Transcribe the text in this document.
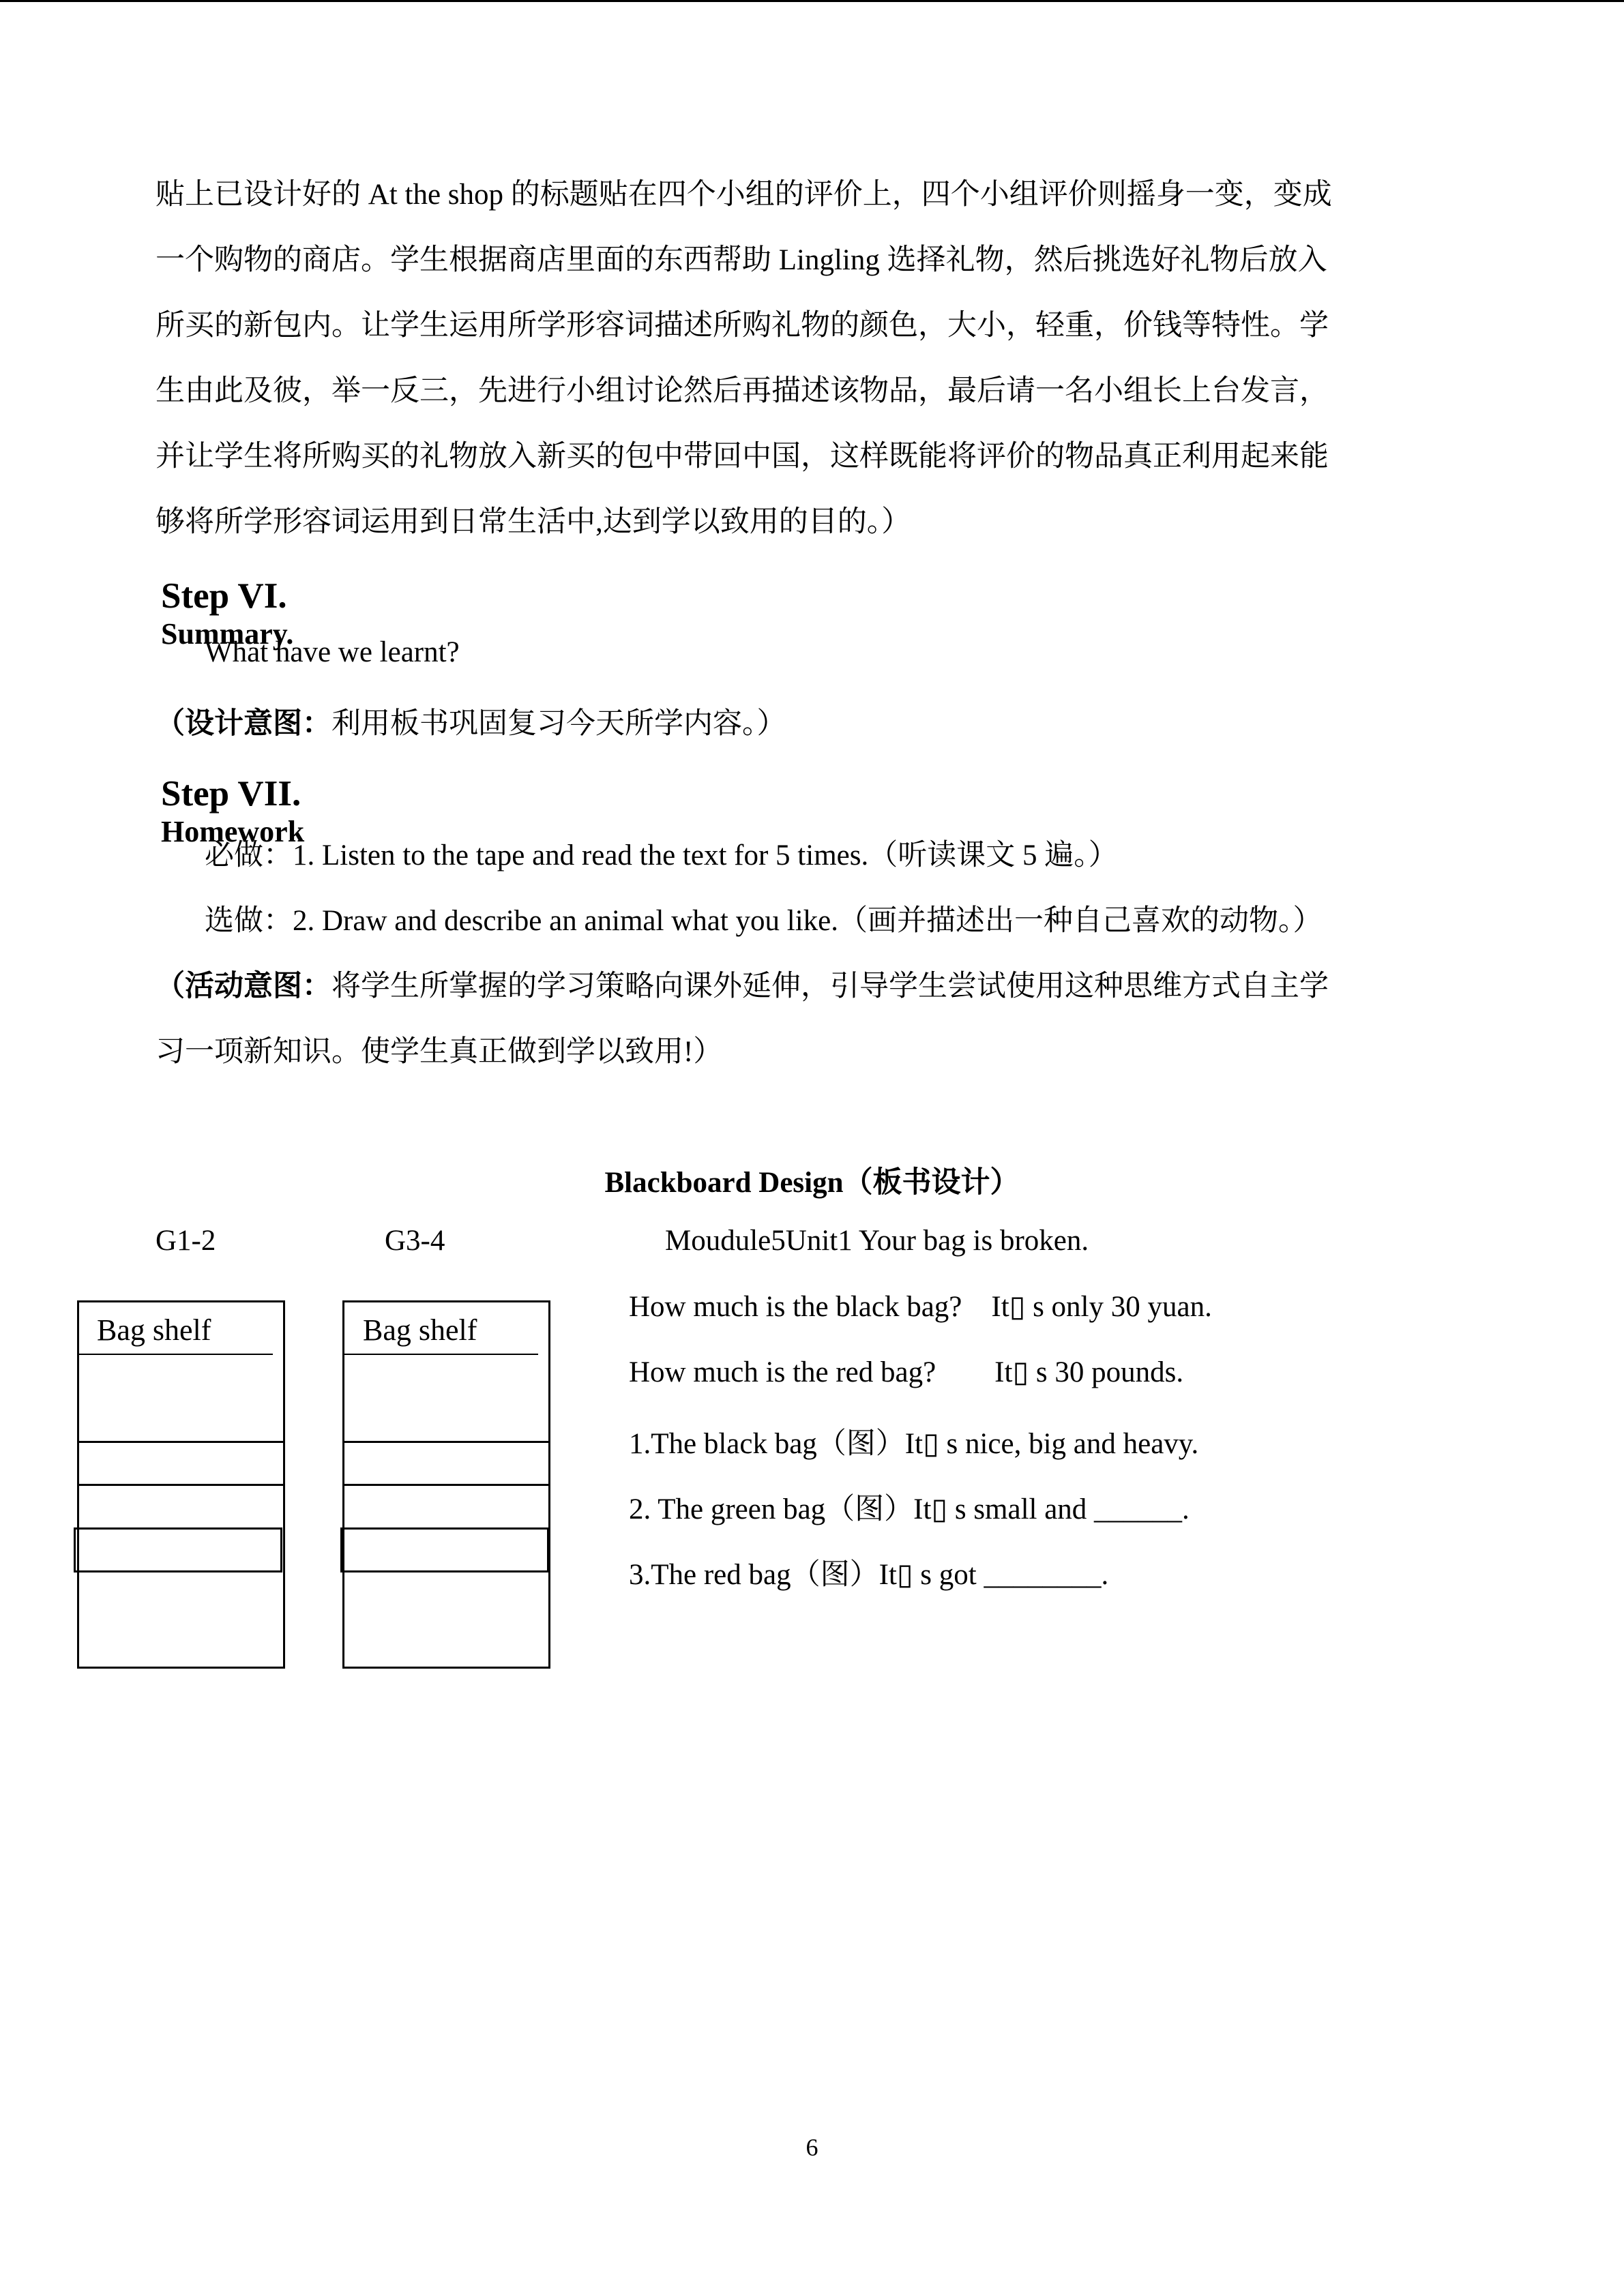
贴上已设计好的 At the shop 的标题贴在四个小组的评价上，四个小组评价则摇身一变，变成
一个购物的商店。学生根据商店里面的东西帮助 Lingling 选择礼物，然后挑选好礼物后放入
所买的新包内。让学生运用所学形容词描述所购礼物的颜色，大小，轻重，价钱等特性。学
生由此及彼，举一反三，先进行小组讨论然后再描述该物品，最后请一名小组长上台发言，
并让学生将所购买的礼物放入新买的包中带回中国，这样既能将评价的物品真正利用起来能
够将所学形容词运用到日常生活中,达到学以致用的目的。）

Step VI.
Summary.

What have we learnt?
（设计意图：利用板书巩固复习今天所学内容。）

Step VII.
Homework

必做：1. Listen to the tape and read the text for 5 times.（听读课文 5 遍。）
选做：2. Draw and describe an animal what you like.（画并描述出一种自己喜欢的动物。）
（活动意图：将学生所掌握的学习策略向课外延伸，引导学生尝试使用这种思维方式自主学
习一项新知识。使学生真正做到学以致用!）
Blackboard Design（板书设计）
G1-2	G3-4
Bag shelf	Bag shelf
Moudule5Unit1 Your bag is broken.
How much is the black bag?    It▯ s only 30 yuan.
How much is the red bag?        It▯ s 30 pounds.
1.The black bag（图）It▯ s nice, big and heavy.
2. The green bag（图）It▯ s small and ______.
3.The red bag（图）It▯ s got ________.
6
